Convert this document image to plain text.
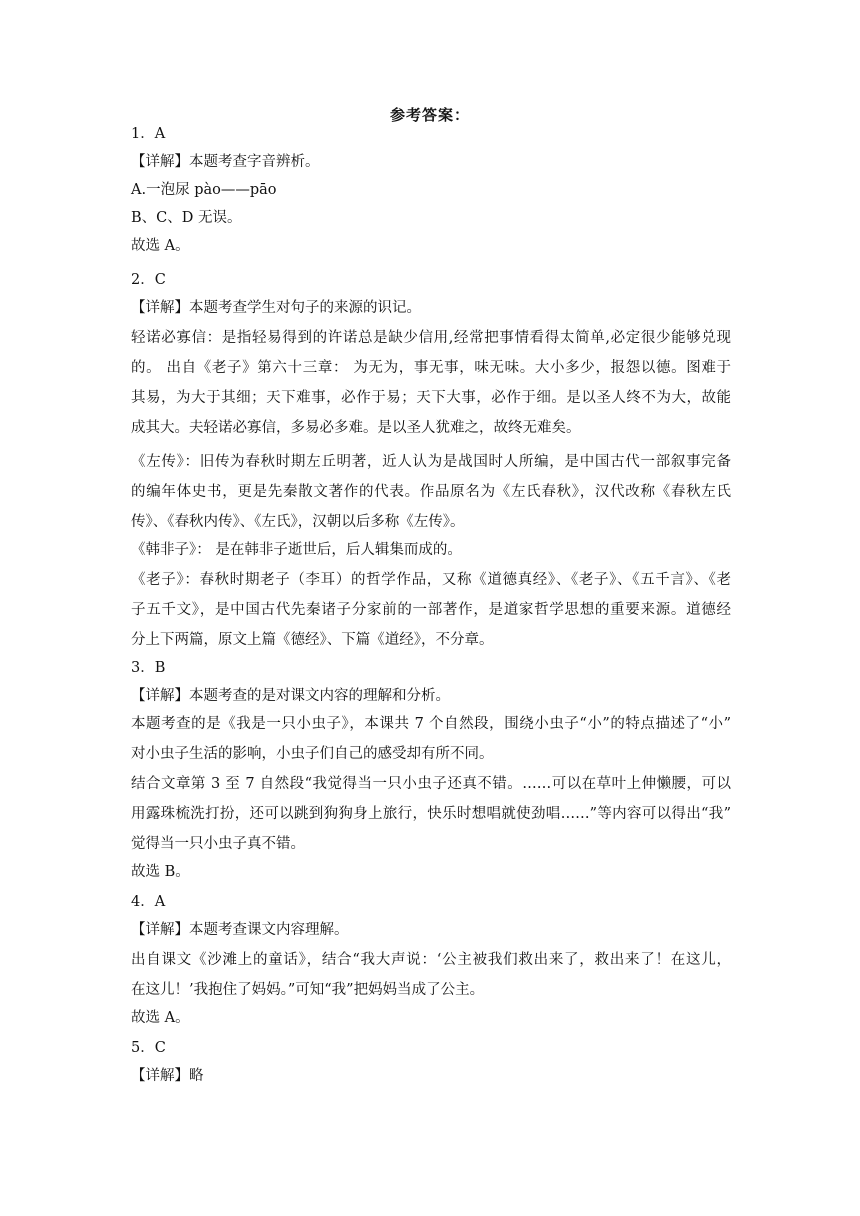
参考答案：
1．A
【详解】本题考查字音辨析。
A.一泡尿 pào——pāo
B、C、D 无误。
故选 A。
2．C
【详解】本题考查学生对句子的来源的识记。
轻诺必寡信：是指轻易得到的许诺总是缺少信用,经常把事情看得太简单,必定很少能够兑现
的。 出自《老子》第六十三章： 为无为，事无事，味无味。大小多少，报怨以德。图难于
其易，为大于其细；天下难事，必作于易；天下大事，必作于细。是以圣人终不为大，故能
成其大。夫轻诺必寡信，多易必多难。是以圣人犹难之，故终无难矣。
《左传》：旧传为春秋时期左丘明著，近人认为是战国时人所编，是中国古代一部叙事完备
的编年体史书，更是先秦散文著作的代表。作品原名为《左氏春秋》，汉代改称《春秋左氏
传》、《春秋内传》、《左氏》，汉朝以后多称《左传》。
《韩非子》： 是在韩非子逝世后，后人辑集而成的。
《老子》：春秋时期老子（李耳）的哲学作品，又称《道德真经》、《老子》、《五千言》、《老
子五千文》，是中国古代先秦诸子分家前的一部著作，是道家哲学思想的重要来源。道德经
分上下两篇，原文上篇《德经》、下篇《道经》，不分章。
3．B
【详解】本题考查的是对课文内容的理解和分析。
本题考查的是《我是一只小虫子》，本课共 7 个自然段，围绕小虫子“小”的特点描述了“小”
对小虫子生活的影响，小虫子们自己的感受却有所不同。
结合文章第 3 至 7 自然段“我觉得当一只小虫子还真不错。……可以在草叶上伸懒腰，可以
用露珠梳洗打扮，还可以跳到狗狗身上旅行，快乐时想唱就使劲唱……”等内容可以得出“我”
觉得当一只小虫子真不错。
故选 B。
4．A
【详解】本题考查课文内容理解。
出自课文《沙滩上的童话》，结合“我大声说：‘公主被我们救出来了，救出来了！在这儿，
在这儿！’我抱住了妈妈。”可知“我”把妈妈当成了公主。
故选 A。
5．C
【详解】略
